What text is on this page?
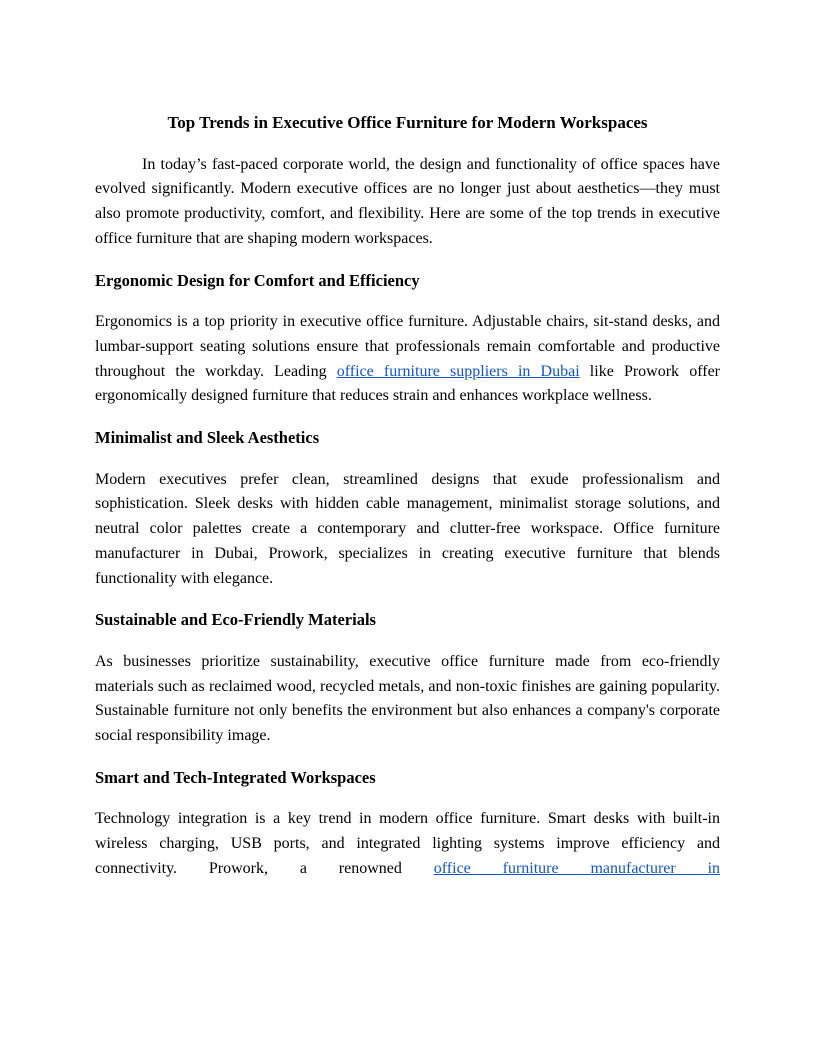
Top Trends in Executive Office Furniture for Modern Workspaces

In today’s fast-paced corporate world, the design and functionality of office spaces have evolved significantly. Modern executive offices are no longer just about aesthetics—they must also promote productivity, comfort, and flexibility. Here are some of the top trends in executive office furniture that are shaping modern workspaces.

Ergonomic Design for Comfort and Efficiency

Ergonomics is a top priority in executive office furniture. Adjustable chairs, sit-stand desks, and lumbar-support seating solutions ensure that professionals remain comfortable and productive throughout the workday. Leading office furniture suppliers in Dubai like Prowork offer ergonomically designed furniture that reduces strain and enhances workplace wellness.

Minimalist and Sleek Aesthetics

Modern executives prefer clean, streamlined designs that exude professionalism and sophistication. Sleek desks with hidden cable management, minimalist storage solutions, and neutral color palettes create a contemporary and clutter-free workspace. Office furniture manufacturer in Dubai, Prowork, specializes in creating executive furniture that blends functionality with elegance.

Sustainable and Eco-Friendly Materials

As businesses prioritize sustainability, executive office furniture made from eco-friendly materials such as reclaimed wood, recycled metals, and non-toxic finishes are gaining popularity. Sustainable furniture not only benefits the environment but also enhances a company's corporate social responsibility image.

Smart and Tech-Integrated Workspaces

Technology integration is a key trend in modern office furniture. Smart desks with built-in wireless charging, USB ports, and integrated lighting systems improve efficiency and connectivity. Prowork, a renowned office furniture manufacturer in
